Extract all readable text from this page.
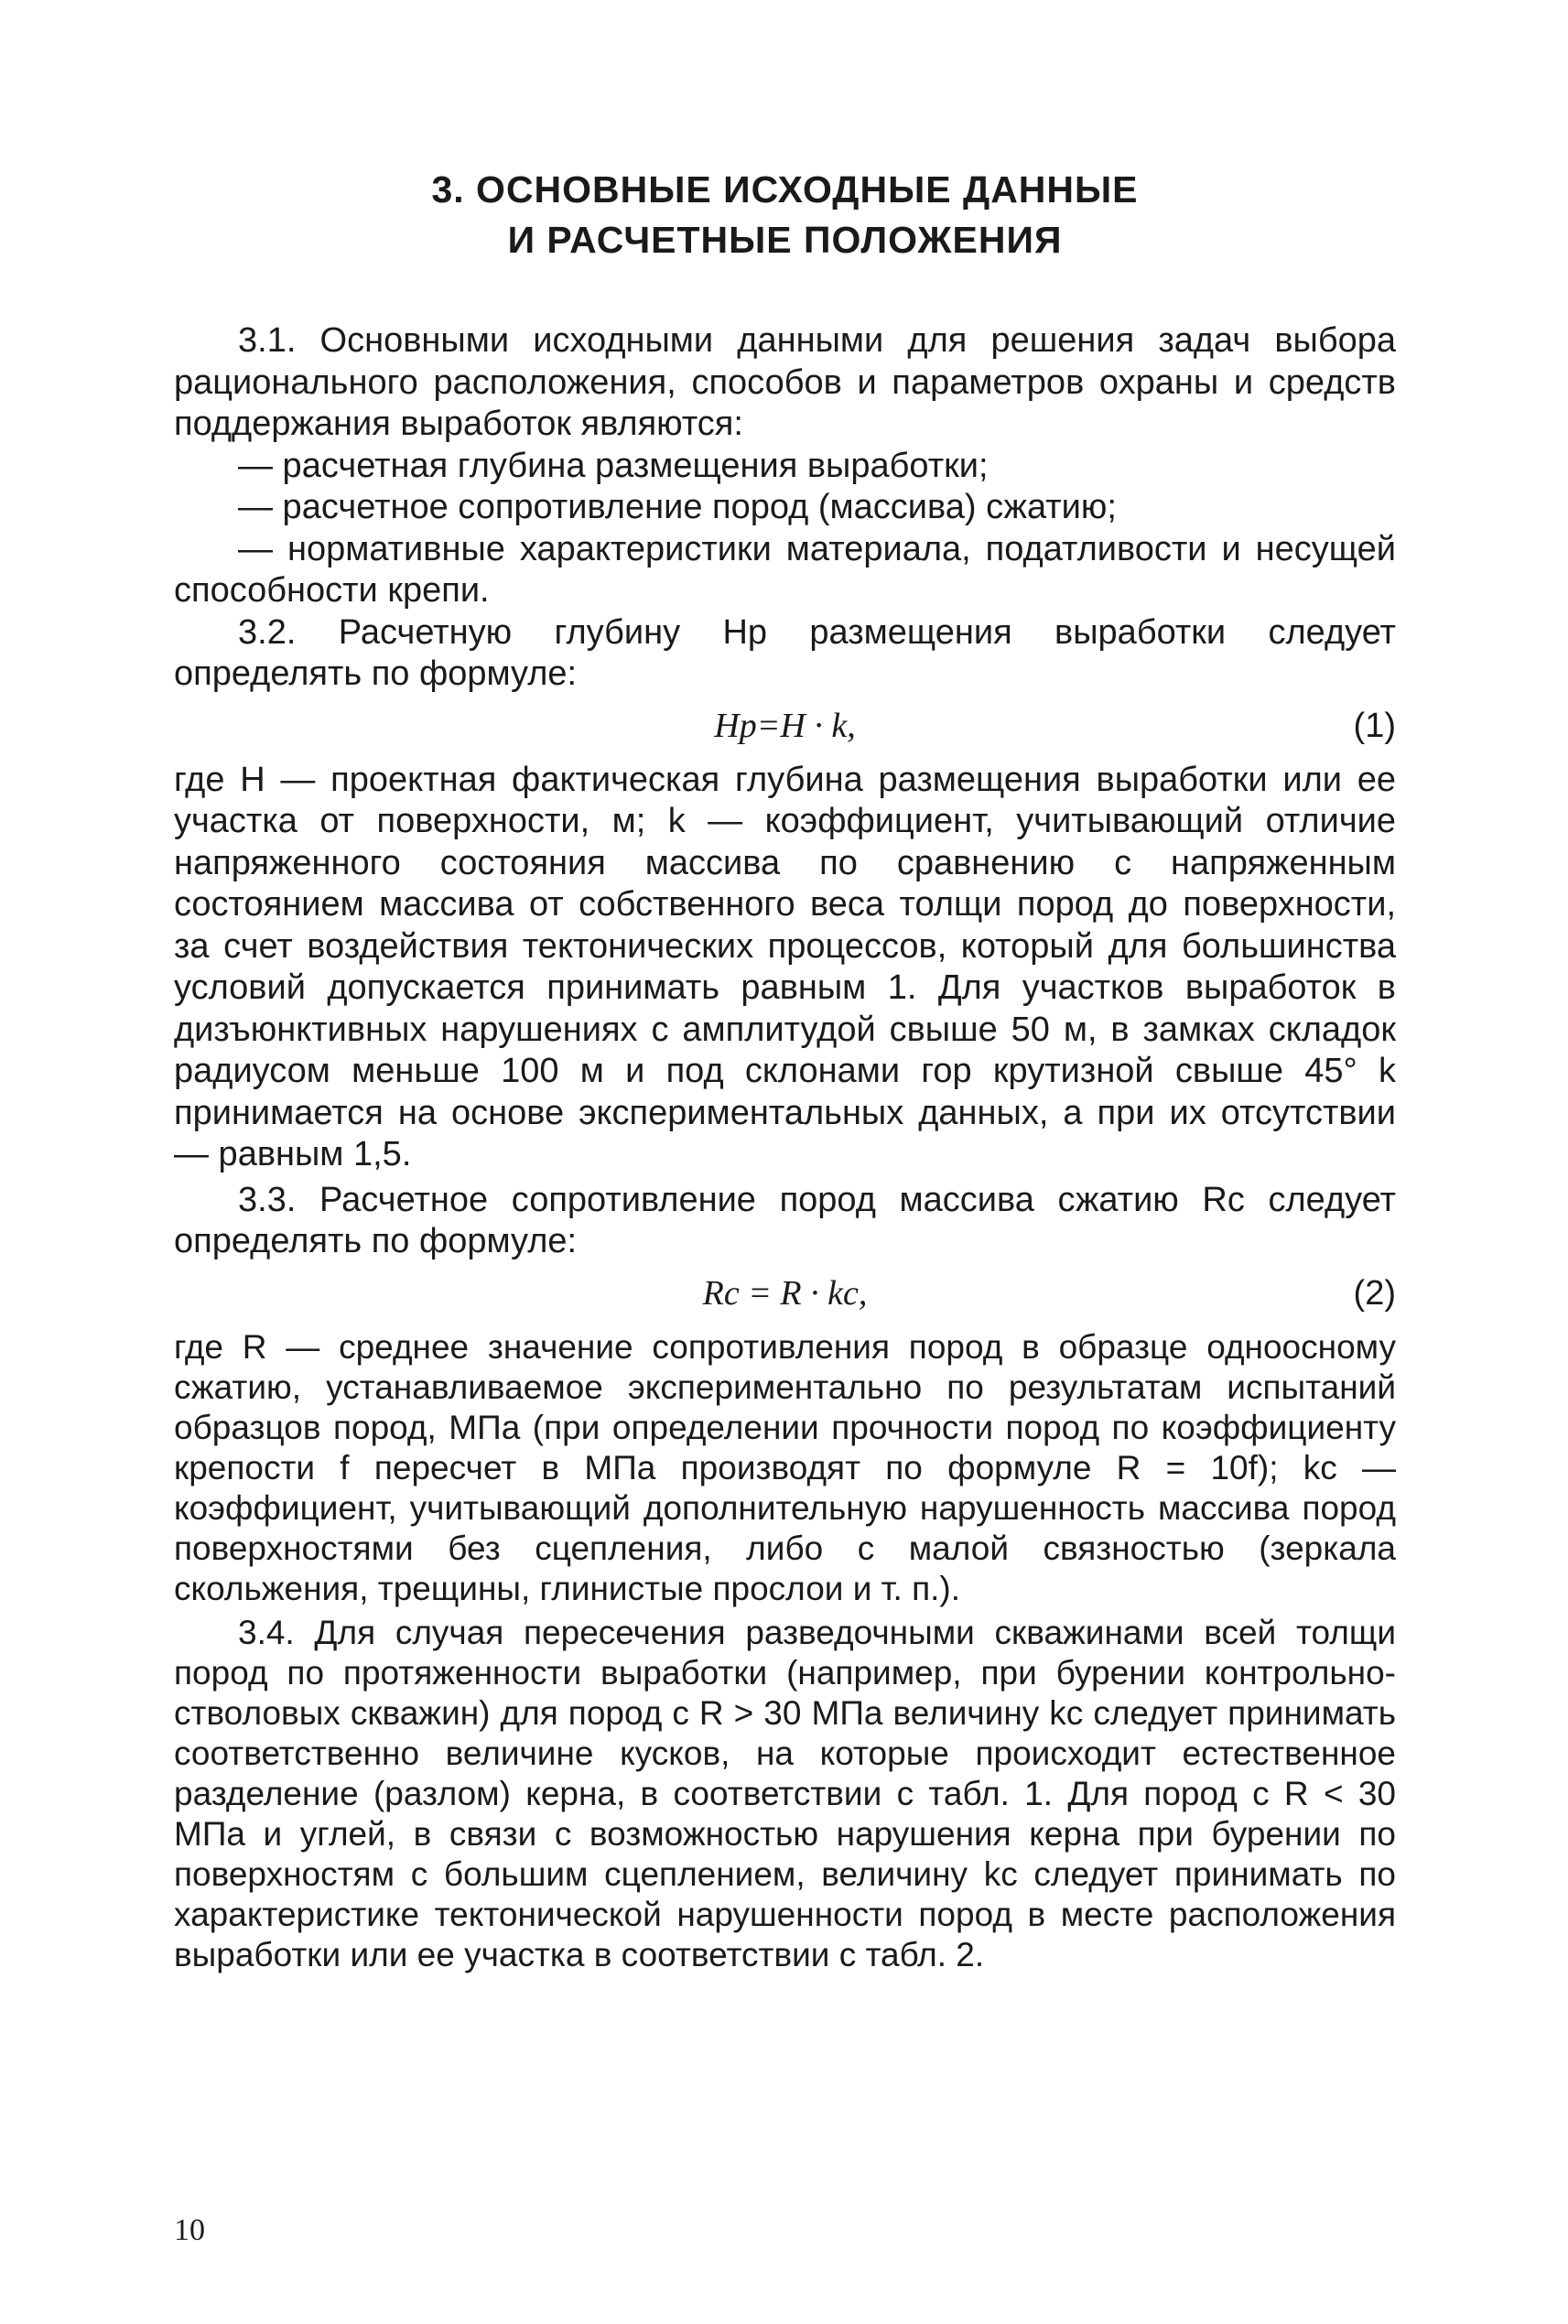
3. ОСНОВНЫЕ ИСХОДНЫЕ ДАННЫЕ
И РАСЧЕТНЫЕ ПОЛОЖЕНИЯ

3.1. Основными исходными данными для решения задач выбора рационального расположения, способов и параметров охраны и средств поддержания выработок являются:

— расчетная глубина размещения выработки;

— расчетное сопротивление пород (массива) сжатию;

— нормативные характеристики материала, податливости и несущей способности крепи.

3.2. Расчетную глубину Hр размещения выработки следует определять по формуле:

Hр=H · k,	(1)

где H — проектная фактическая глубина размещения выработки или ее участка от поверхности, м; k — коэффициент, учитывающий отличие напряженного состояния массива по сравнению с напряженным состоянием массива от собственного веса толщи пород до поверхности, за счет воздействия тектонических процессов, который для большинства условий допускается принимать равным 1. Для участков выработок в дизъюнктивных нарушениях с амплитудой свыше 50 м, в замках складок радиусом меньше 100 м и под склонами гор крутизной свыше 45° k принимается на основе экспериментальных данных, а при их отсутствии — равным 1,5.

3.3. Расчетное сопротивление пород массива сжатию Rс следует определять по формуле:

Rс = R · kс,	(2)

где R — среднее значение сопротивления пород в образце одноосному сжатию, устанавливаемое экспериментально по результатам испытаний образцов пород, МПа (при определении прочности пород по коэффициенту крепости f пересчет в МПа производят по формуле R = 10f); kс — коэффициент, учитывающий дополнительную нарушенность массива пород поверхностями без сцепления, либо с малой связностью (зеркала скольжения, трещины, глинистые прослои и т. п.).

3.4. Для случая пересечения разведочными скважинами всей толщи пород по протяженности выработки (например, при бурении контрольно-стволовых скважин) для пород с R > 30 МПа величину kс следует принимать соответственно величине кусков, на которые происходит естественное разделение (разлом) керна, в соответствии с табл. 1. Для пород с R < 30 МПа и углей, в связи с возможностью нарушения керна при бурении по поверхностям с большим сцеплением, величину kс следует принимать по характеристике тектонической нарушенности пород в месте расположения выработки или ее участка в соответствии с табл. 2.

10
